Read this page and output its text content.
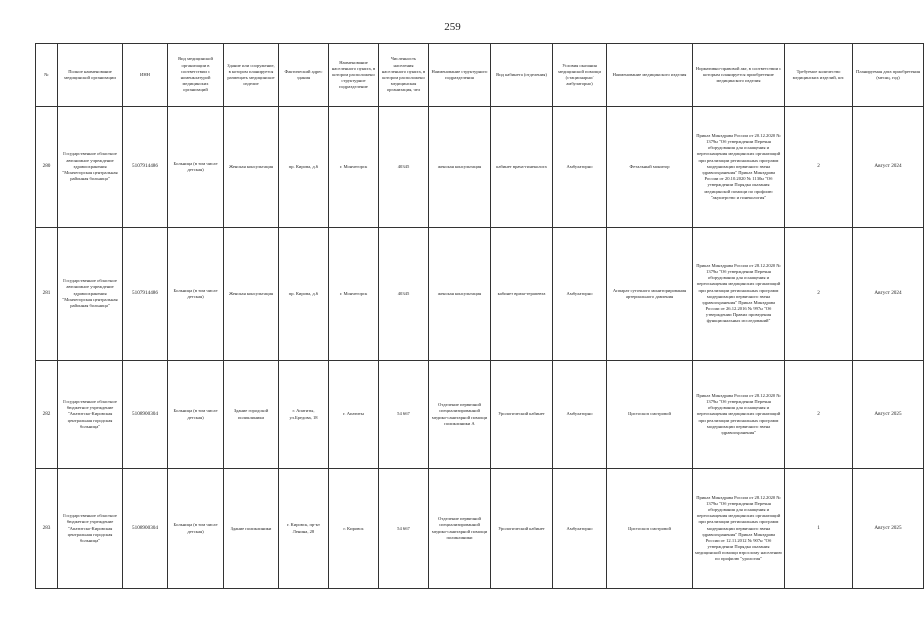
259
№	Полное наименование медицинской организации	ИНН	Вид медицинской организации в соответствии с номенклатурой медицинских организаций	Здание или сооружение, в котором планируется размещать медицинское изделие	Фактический адрес здания	Наименование населенного пункта, в котором расположено структурное подразделение	Численность населения населенного пункта, в котором расположено медицинская организация, чел	Наименование структурного подразделения	Вид кабинета (отделения)	Условия оказания медицинской помощи (стационарно/амбулаторно)	Наименование медицинского изделия	Нормативно-правовой акт, в соответствии с которым планируется приобретение медицинского изделия	Требуемое количество медицинских изделий, шт.	Планируемая дата приобретения (месяц, год)
280	Государственное областное автономное учреждение здравоохранения "Мончегорская центральная районная больница"	5107914486	Больница (в том числе детская)	Женская консультация	пр. Кирова, д.6	г. Мончегорск	40345	женская консультация	кабинет врача-гинеколога	Амбулаторно	Фетальный монитор	Приказ Минздрава России от 20.12.2020 № 1379н "Об утверждении Перечня оборудования для оснащения и переоснащения медицинских организаций при реализации региональных программ модернизации первичного звена здравоохранения" Приказ Минздрава России от 20.10.2020 № 1130н "Об утверждении Порядка оказания медицинской помощи по профилю "акушерство и гинекология"	2	Август 2024
281	Государственное областное автономное учреждение здравоохранения "Мончегорская центральная районная больница"	5107914486	Больница (в том числе детская)	Женская консультация	пр. Кирова, д.6	г. Мончегорск	40345	женская консультация	кабинет врача-терапевта	Амбулаторно	Аппарат суточного мониторирования артериального давления	Приказ Минздрава России от 28.12.2020 № 1379н "Об утверждении Перечня оборудования для оснащения и переоснащения медицинских организаций при реализации региональных программ модернизации первичного звена здравоохранения" Приказ Минздрава России от 26.12.2016 № 997н "Об утверждении Правил проведения функциональных исследований"	2	Август 2024
282	Государственное областное бюджетное учреждение "Апатитско-Кировская центральная городская больница"	5108900304	Больница (в том числе детская)	Здание городской поликлиники	г. Апатиты, ул.Бредова, 18	г. Апатиты	54 667	Отделение первичной специализированной медико-санитарной помощи поликлиники А	Урологический кабинет	Амбулаторно	Цистоскоп смотровой	Приказ Минздрава России от 28.12.2020 № 1379н "Об утверждении Перечня оборудования для оснащения и переоснащения медицинских организаций при реализации региональных программ модернизации первичного звена здравоохранения"	2	Август 2025
283	Государственное областное бюджетное учреждение "Апатитско-Кировская центральная городская больница"	5108900304	Больница (в том числе детская)	Здание поликлиники	г. Кировск, пр-кт Ленина, 28	г. Кировск	54 667	Отделение первичной специализированной медико-санитарной помощи поликлиники	Урологический кабинет	Амбулаторно	Цистоскоп смотровой	Приказ Минздрава России от 28.12.2020 № 1379н "Об утверждении Перечня оборудования для оснащения и переоснащения медицинских организаций при реализации региональных программ модернизации первичного звена здравоохранения" Приказ Минздрава России от 12.11.2012 № 907н "Об утверждении Порядка оказания медицинской помощи взрослому населению по профилю "урология"	1	Август 2025
